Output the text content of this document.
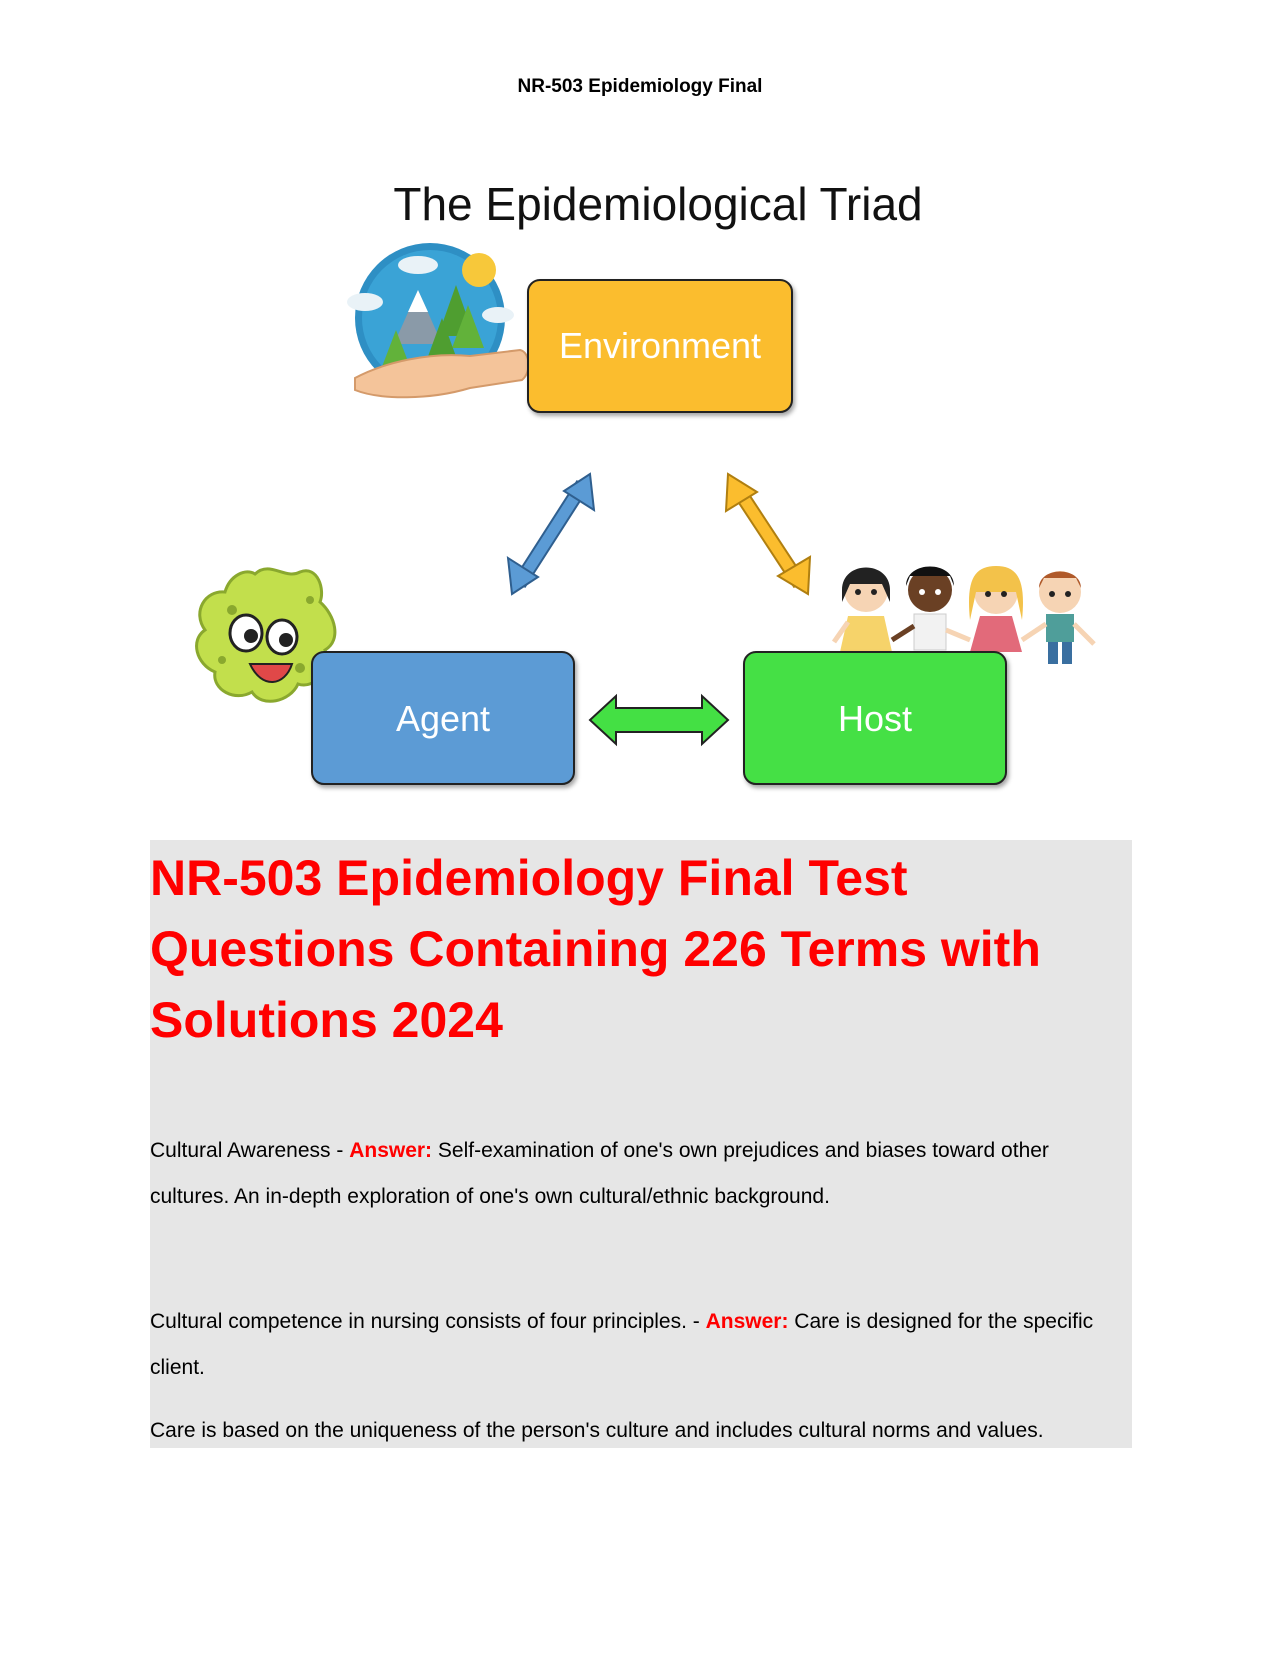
NR-503 Epidemiology Final
The Epidemiological Triad
Environment
Agent	Host
NR-503 Epidemiology Final Test Questions Containing 226 Terms with Solutions 2024

Cultural Awareness - Answer: Self-examination of one's own prejudices and biases toward other cultures. An in-depth exploration of one's own cultural/ethnic background.

Cultural competence in nursing consists of four principles. - Answer: Care is designed for the specific client.

Care is based on the uniqueness of the person's culture and includes cultural norms and values.
